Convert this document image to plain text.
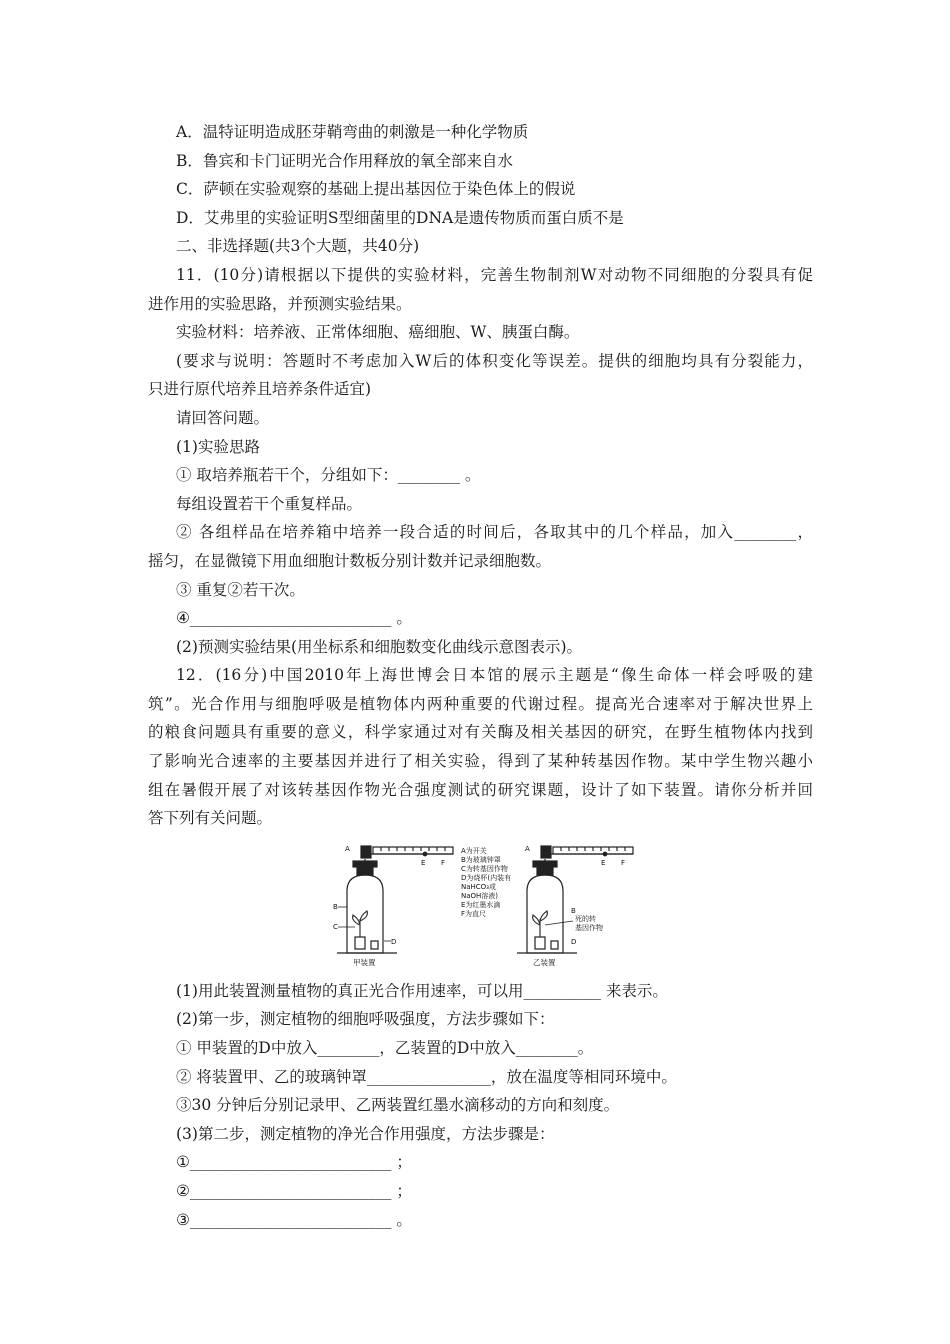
A．温特证明造成胚芽鞘弯曲的刺激是一种化学物质
B．鲁宾和卡门证明光合作用释放的氧全部来自水
C．萨顿在实验观察的基础上提出基因位于染色体上的假说
D．艾弗里的实验证明S型细菌里的DNA是遗传物质而蛋白质不是
二、非选择题(共3个大题，共40分)
11．(10分)请根据以下提供的实验材料，完善生物制剂W对动物不同细胞的分裂具有促
进作用的实验思路，并预测实验结果。
实验材料：培养液、正常体细胞、癌细胞、W、胰蛋白酶。
(要求与说明：答题时不考虑加入W后的体积变化等误差。提供的细胞均具有分裂能力，
只进行原代培养且培养条件适宜)
请回答问题。
(1)实验思路
① 取培养瓶若干个，分组如下：________ 。
每组设置若干个重复样品。
② 各组样品在培养箱中培养一段合适的时间后，各取其中的几个样品，加入________，
摇匀，在显微镜下用血细胞计数板分别计数并记录细胞数。
③ 重复②若干次。
④__________________________ 。
(2)预测实验结果(用坐标系和细胞数变化曲线示意图表示)。
12．(16分)中国2010年上海世博会日本馆的展示主题是“像生命体一样会呼吸的建
筑”。光合作用与细胞呼吸是植物体内两种重要的代谢过程。提高光合速率对于解决世界上
的粮食问题具有重要的意义，科学家通过对有关酶及相关基因的研究，在野生植物体内找到
了影响光合速率的主要基因并进行了相关实验，得到了某种转基因作物。某中学生物兴趣小
组在暑假开展了对该转基因作物光合强度测试的研究课题，设计了如下装置。请你分析并回
答下列有关问题。
A
B
C
D
E F
A为开关
B为玻璃钟罩
C为转基因作物
D为烧杯(内装有
NaHCO₃或
NaOH溶液)
E为红墨水滴
F为直尺
A
B
E F
D
死的转
基因作物
甲装置	乙装置
(1)用此装置测量植物的真正光合作用速率，可以用__________ 来表示。
(2)第一步，测定植物的细胞呼吸强度，方法步骤如下：
① 甲装置的D中放入________，乙装置的D中放入________。
② 将装置甲、乙的玻璃钟罩________________，放在温度等相同环境中。
③30 分钟后分别记录甲、乙两装置红墨水滴移动的方向和刻度。
(3)第二步，测定植物的净光合作用强度，方法步骤是：
①__________________________ ；
②__________________________ ；
③__________________________ 。
